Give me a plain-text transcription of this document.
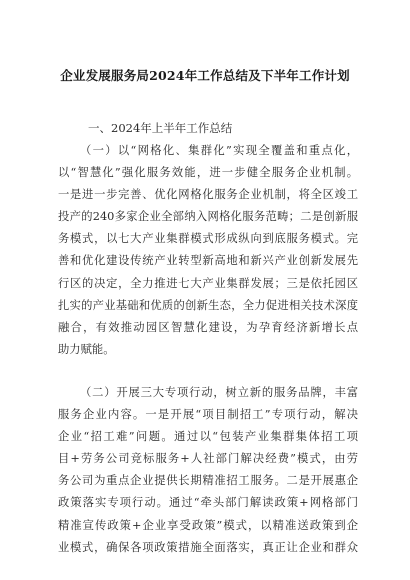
企业发展服务局2024年工作总结及下半年工作计划
一、2024年上半年工作总结
（一）以“网格化、集群化”实现全覆盖和重点化，
以“智慧化”强化服务效能，进一步健全服务企业机制。
一是进一步完善、优化网格化服务企业机制，将全区竣工
投产的240多家企业全部纳入网格化服务范畴；二是创新服
务模式，以七大产业集群模式形成纵向到底服务模式。完
善和优化建设传统产业转型新高地和新兴产业创新发展先
行区的决定，全力推进七大产业集群发展；三是依托园区
扎实的产业基础和优质的创新生态，全力促进相关技术深度
融合，有效推动园区智慧化建设，为孕育经济新增长点
助力赋能。
（二）开展三大专项行动，树立新的服务品牌，丰富
服务企业内容。一是开展“项目制招工”专项行动，解决
企业“招工难”问题。通过以“包装产业集群集体招工项
目+劳务公司竞标服务+人社部门解决经费”模式，由劳
务公司为重点企业提供长期精准招工服务。二是开展惠企
政策落实专项行动。通过“牵头部门解读政策+网格部门
精准宣传政策+企业享受政策”模式，以精准送政策到企
业模式，确保各项政策措施全面落实，真正让企业和群众
